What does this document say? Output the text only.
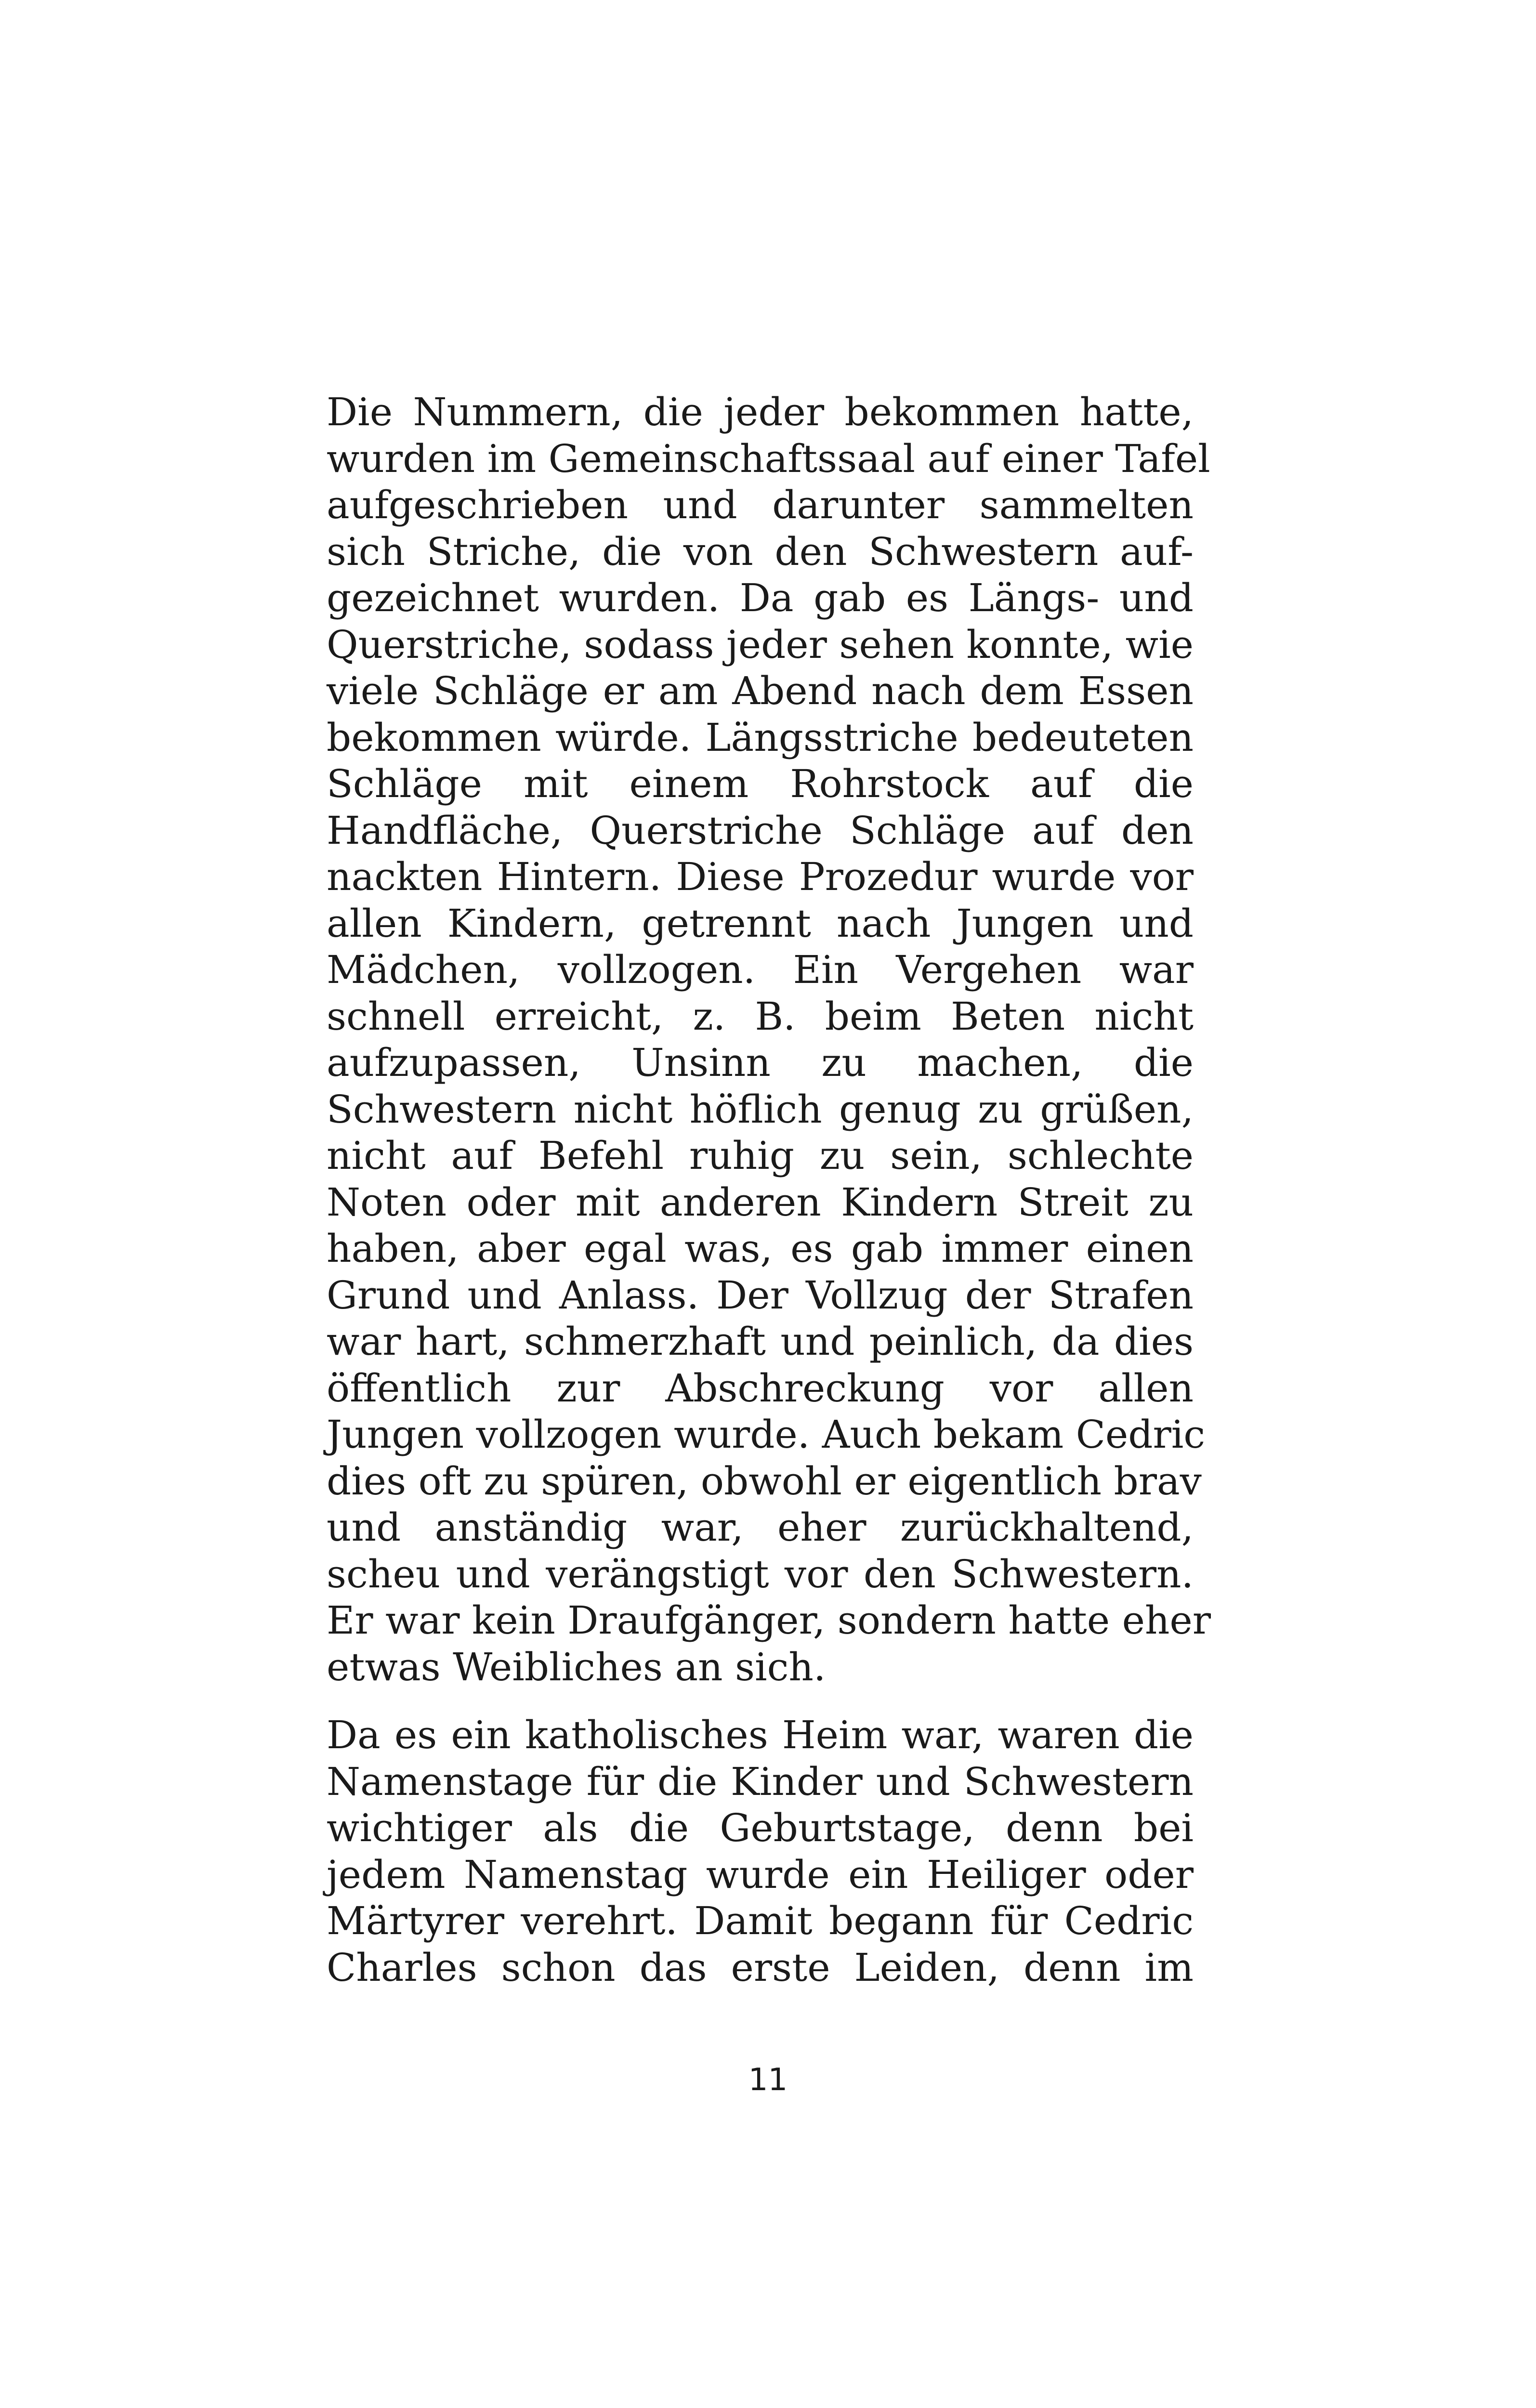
Die Nummern, die jeder bekommen hatte,
wurden im Gemeinschaftssaal auf einer Tafel
aufgeschrieben und darunter sammelten
sich Striche, die von den Schwestern auf-
gezeichnet wurden. Da gab es Längs- und
Querstriche, sodass jeder sehen konnte, wie
viele Schläge er am Abend nach dem Essen
bekommen würde. Längsstriche bedeuteten
Schläge mit einem Rohrstock auf die
Handfläche, Querstriche Schläge auf den
nackten Hintern. Diese Prozedur wurde vor
allen Kindern, getrennt nach Jungen und
Mädchen, vollzogen. Ein Vergehen war
schnell erreicht, z. B. beim Beten nicht
aufzupassen, Unsinn zu machen, die
Schwestern nicht höflich genug zu grüßen,
nicht auf Befehl ruhig zu sein, schlechte
Noten oder mit anderen Kindern Streit zu
haben, aber egal was, es gab immer einen
Grund und Anlass. Der Vollzug der Strafen
war hart, schmerzhaft und peinlich, da dies
öffentlich zur Abschreckung vor allen
Jungen vollzogen wurde. Auch bekam Cedric
dies oft zu spüren, obwohl er eigentlich brav
und anständig war, eher zurückhaltend,
scheu und verängstigt vor den Schwestern.
Er war kein Draufgänger, sondern hatte eher
etwas Weibliches an sich.
Da es ein katholisches Heim war, waren die
Namenstage für die Kinder und Schwestern
wichtiger als die Geburtstage, denn bei
jedem Namenstag wurde ein Heiliger oder
Märtyrer verehrt. Damit begann für Cedric
Charles schon das erste Leiden, denn im
11
